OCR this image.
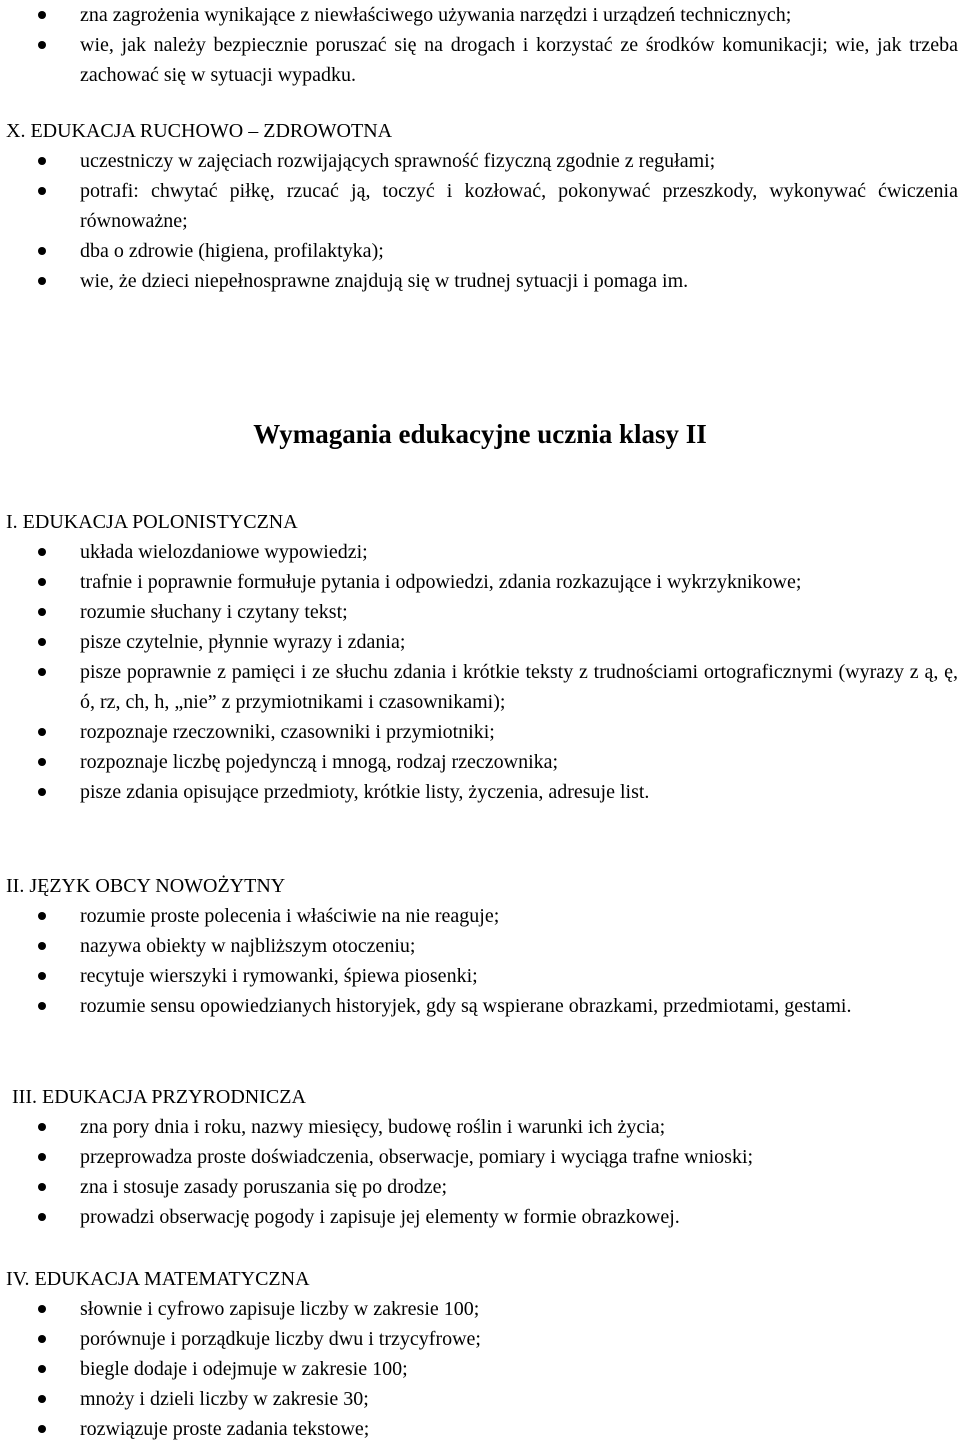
zna zagrożenia wynikające z niewłaściwego używania narzędzi i urządzeń technicznych;
wie, jak należy bezpiecznie poruszać się na drogach i korzystać ze środków komunikacji; wie, jak trzeba zachować się w sytuacji wypadku.

X. EDUKACJA RUCHOWO – ZDROWOTNA

uczestniczy w zajęciach rozwijających sprawność fizyczną zgodnie z regułami;
potrafi: chwytać piłkę, rzucać ją, toczyć i kozłować, pokonywać przeszkody, wykonywać ćwiczenia równoważne;
dba o zdrowie (higiena, profilaktyka);
wie, że dzieci niepełnosprawne znajdują się w trudnej sytuacji i pomaga im.
Wymagania edukacyjne ucznia klasy II

I. EDUKACJA POLONISTYCZNA

układa wielozdaniowe wypowiedzi;
trafnie i poprawnie formułuje pytania i odpowiedzi, zdania rozkazujące i wykrzyknikowe;
rozumie słuchany i czytany tekst;
pisze czytelnie, płynnie wyrazy i zdania;
pisze poprawnie z pamięci i ze słuchu zdania i krótkie teksty z trudnościami ortograficznymi (wyrazy z ą, ę, ó, rz, ch, h, „nie” z przymiotnikami i czasownikami);
rozpoznaje rzeczowniki, czasowniki i przymiotniki;
rozpoznaje liczbę pojedynczą i mnogą, rodzaj rzeczownika;
pisze zdania opisujące przedmioty, krótkie listy, życzenia, adresuje list.

II. JĘZYK OBCY NOWOŻYTNY

rozumie proste polecenia i właściwie na nie reaguje;
nazywa obiekty w najbliższym otoczeniu;
recytuje wierszyki i rymowanki, śpiewa piosenki;
rozumie sensu opowiedzianych historyjek, gdy są wspierane obrazkami, przedmiotami, gestami.

III. EDUKACJA PRZYRODNICZA

zna pory dnia i roku, nazwy miesięcy, budowę roślin i warunki ich życia;
przeprowadza proste doświadczenia, obserwacje, pomiary i wyciąga trafne wnioski;
zna i stosuje zasady poruszania się po drodze;
prowadzi obserwację pogody i zapisuje jej elementy w formie obrazkowej.

IV. EDUKACJA MATEMATYCZNA

słownie i cyfrowo zapisuje liczby w zakresie 100;
porównuje i porządkuje liczby dwu i trzycyfrowe;
biegle dodaje i odejmuje w zakresie 100;
mnoży i dzieli liczby w zakresie 30;
rozwiązuje proste zadania tekstowe;
